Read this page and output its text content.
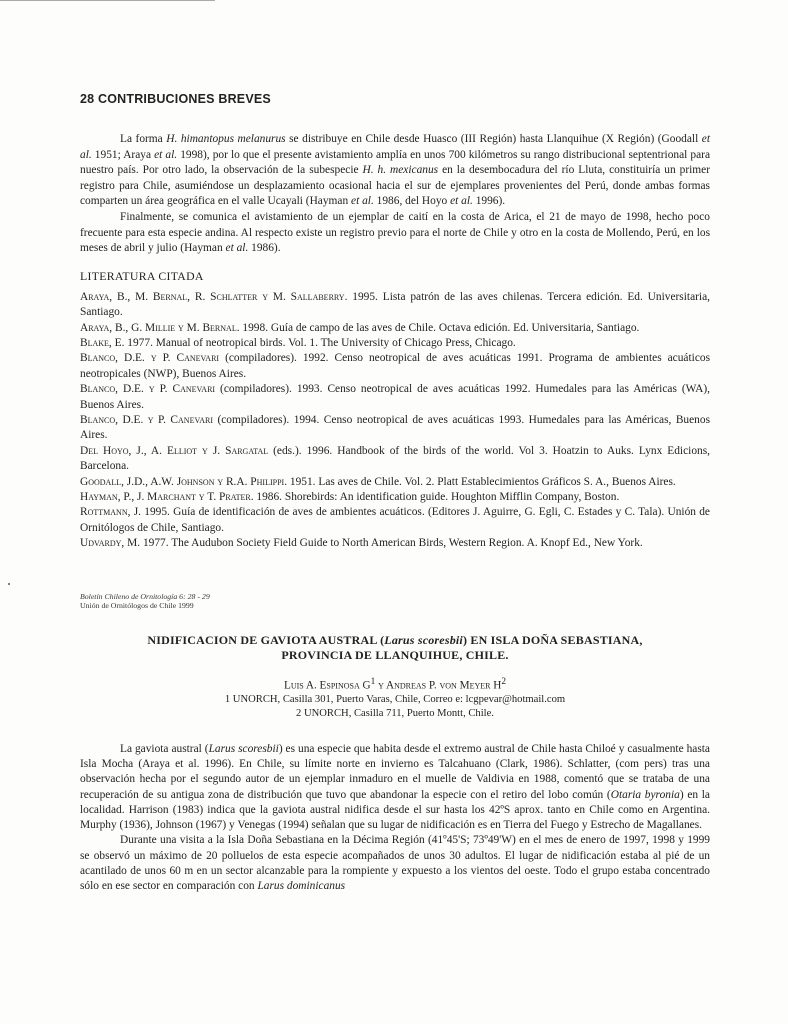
28 CONTRIBUCIONES BREVES

La forma H. himantopus melanurus se distribuye en Chile desde Huasco (III Región) hasta Llanquihue (X Región) (Goodall et al. 1951; Araya et al. 1998), por lo que el presente avistamiento amplía en unos 700 kilómetros su rango distribucional septentrional para nuestro país. Por otro lado, la observación de la subespecie H. h. mexicanus en la desembocadura del río Lluta, constituiría un primer registro para Chile, asumiéndose un desplazamiento ocasional hacia el sur de ejemplares provenientes del Perú, donde ambas formas comparten un área geográfica en el valle Ucayali (Hayman et al. 1986, del Hoyo et al. 1996).

Finalmente, se comunica el avistamiento de un ejemplar de caití en la costa de Arica, el 21 de mayo de 1998, hecho poco frecuente para esta especie andina. Al respecto existe un registro previo para el norte de Chile y otro en la costa de Mollendo, Perú, en los meses de abril y julio (Hayman et al. 1986).

LITERATURA CITADA

Araya, B., M. Bernal, R. Schlatter y M. Sallaberry. 1995. Lista patrón de las aves chilenas. Tercera edición. Ed. Universitaria, Santiago.

Araya, B., G. Millie y M. Bernal. 1998. Guía de campo de las aves de Chile. Octava edición. Ed. Universitaria, Santiago.

Blake, E. 1977. Manual of neotropical birds. Vol. 1. The University of Chicago Press, Chicago.

Blanco, D.E. y P. Canevari (compiladores). 1992. Censo neotropical de aves acuáticas 1991. Programa de ambientes acuáticos neotropicales (NWP), Buenos Aires.

Blanco, D.E. y P. Canevari (compiladores). 1993. Censo neotropical de aves acuáticas 1992. Humedales para las Américas (WA), Buenos Aires.

Blanco, D.E. y P. Canevari (compiladores). 1994. Censo neotropical de aves acuáticas 1993. Humedales para las Américas, Buenos Aires.

Del Hoyo, J., A. Elliot y J. Sargatal (eds.). 1996. Handbook of the birds of the world. Vol 3. Hoatzin to Auks. Lynx Edicions, Barcelona.

Goodall, J.D., A.W. Johnson y R.A. Philippi. 1951. Las aves de Chile. Vol. 2. Platt Establecimientos Gráficos S. A., Buenos Aires.

Hayman, P., J. Marchant y T. Prater. 1986. Shorebirds: An identification guide. Houghton Mifflin Company, Boston.

Rottmann, J. 1995. Guía de identificación de aves de ambientes acuáticos. (Editores J. Aguirre, G. Egli, C. Estades y C. Tala). Unión de Ornitólogos de Chile, Santiago.

Udvardy, M. 1977. The Audubon Society Field Guide to North American Birds, Western Region. A. Knopf Ed., New York.

Boletín Chileno de Ornitología 6: 28 - 29
Unión de Ornitólogos de Chile 1999
NIDIFICACION DE GAVIOTA AUSTRAL (Larus scoresbii) EN ISLA DOÑA SEBASTIANA,
PROVINCIA DE LLANQUIHUE, CHILE.
Luis A. Espinosa $G^1$ y Andreas P. von Meyer $H^2$
1 UNORCH, Casilla 301, Puerto Varas, Chile, Correo e: lcgpevar@hotmail.com
2 UNORCH, Casilla 711, Puerto Montt, Chile.

La gaviota austral (Larus scoresbii) es una especie que habita desde el extremo austral de Chile hasta Chiloé y casualmente hasta Isla Mocha (Araya et al. 1996). En Chile, su límite norte en invierno es Talcahuano (Clark, 1986). Schlatter, (com pers) tras una observación hecha por el segundo autor de un ejemplar inmaduro en el muelle de Valdivia en 1988, comentó que se trataba de una recuperación de su antigua zona de distribución que tuvo que abandonar la especie con el retiro del lobo común (Otaria byronia) en la localidad. Harrison (1983) indica que la gaviota austral nidifica desde el sur hasta los 42ºS aprox. tanto en Chile como en Argentina. Murphy (1936), Johnson (1967) y Venegas (1994) señalan que su lugar de nidificación es en Tierra del Fuego y Estrecho de Magallanes.

Durante una visita a la Isla Doña Sebastiana en la Décima Región (41º45'S; 73º49'W) en el mes de enero de 1997, 1998 y 1999 se observó un máximo de 20 polluelos de esta especie acompañados de unos 30 adultos. El lugar de nidificación estaba al pié de un acantilado de unos 60 m en un sector alcanzable para la rompiente y expuesto a los vientos del oeste. Todo el grupo estaba concentrado sólo en ese sector en comparación con Larus dominicanus
